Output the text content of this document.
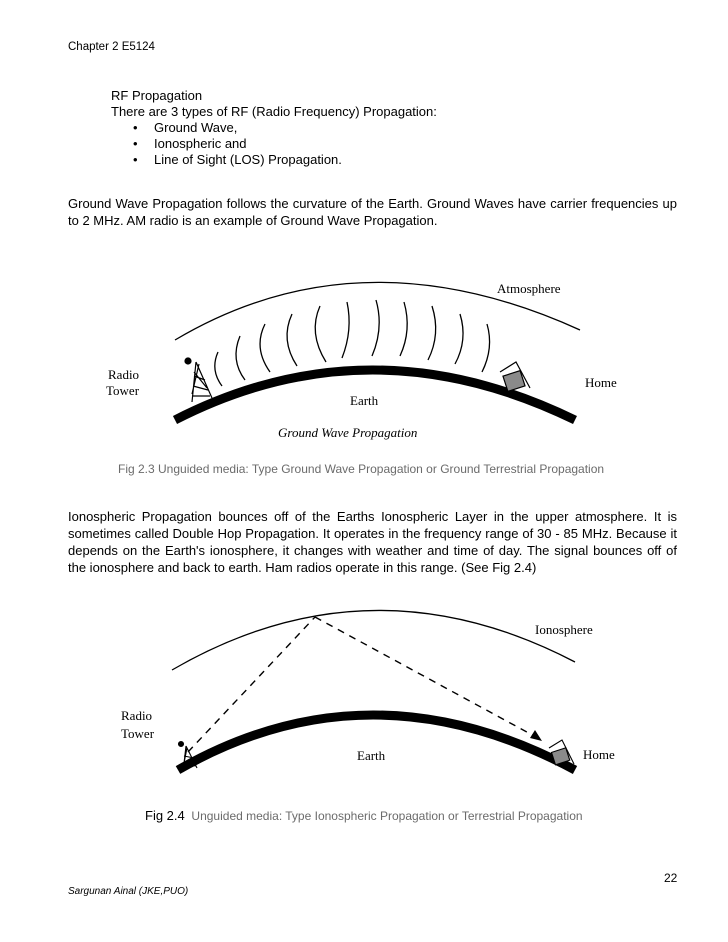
Chapter 2 E5124
RF Propagation
There are 3 types of RF (Radio Frequency) Propagation:
• Ground Wave,
• Ionospheric and
• Line of Sight (LOS) Propagation.
Ground Wave Propagation follows the curvature of the Earth. Ground Waves have carrier frequencies up to 2 MHz. AM radio is an example of Ground Wave Propagation.
Atmosphere
Radio
Tower
Home
Earth
Ground Wave Propagation
Fig 2.3 Unguided media: Type Ground Wave Propagation or Ground Terrestrial Propagation
Ionospheric Propagation bounces off of the Earths Ionospheric Layer in the upper atmosphere. It is sometimes called Double Hop Propagation. It operates in the frequency range of 30 - 85 MHz. Because it depends on the Earth's ionosphere, it changes with weather and time of day. The signal bounces off of the ionosphere and back to earth. Ham radios operate in this range. (See Fig 2.4)
Ionosphere
Radio
Tower
Home
Earth
Fig 2.4 Unguided media: Type Ionospheric Propagation or Terrestrial Propagation
22
Sargunan Ainal (JKE,PUO)
